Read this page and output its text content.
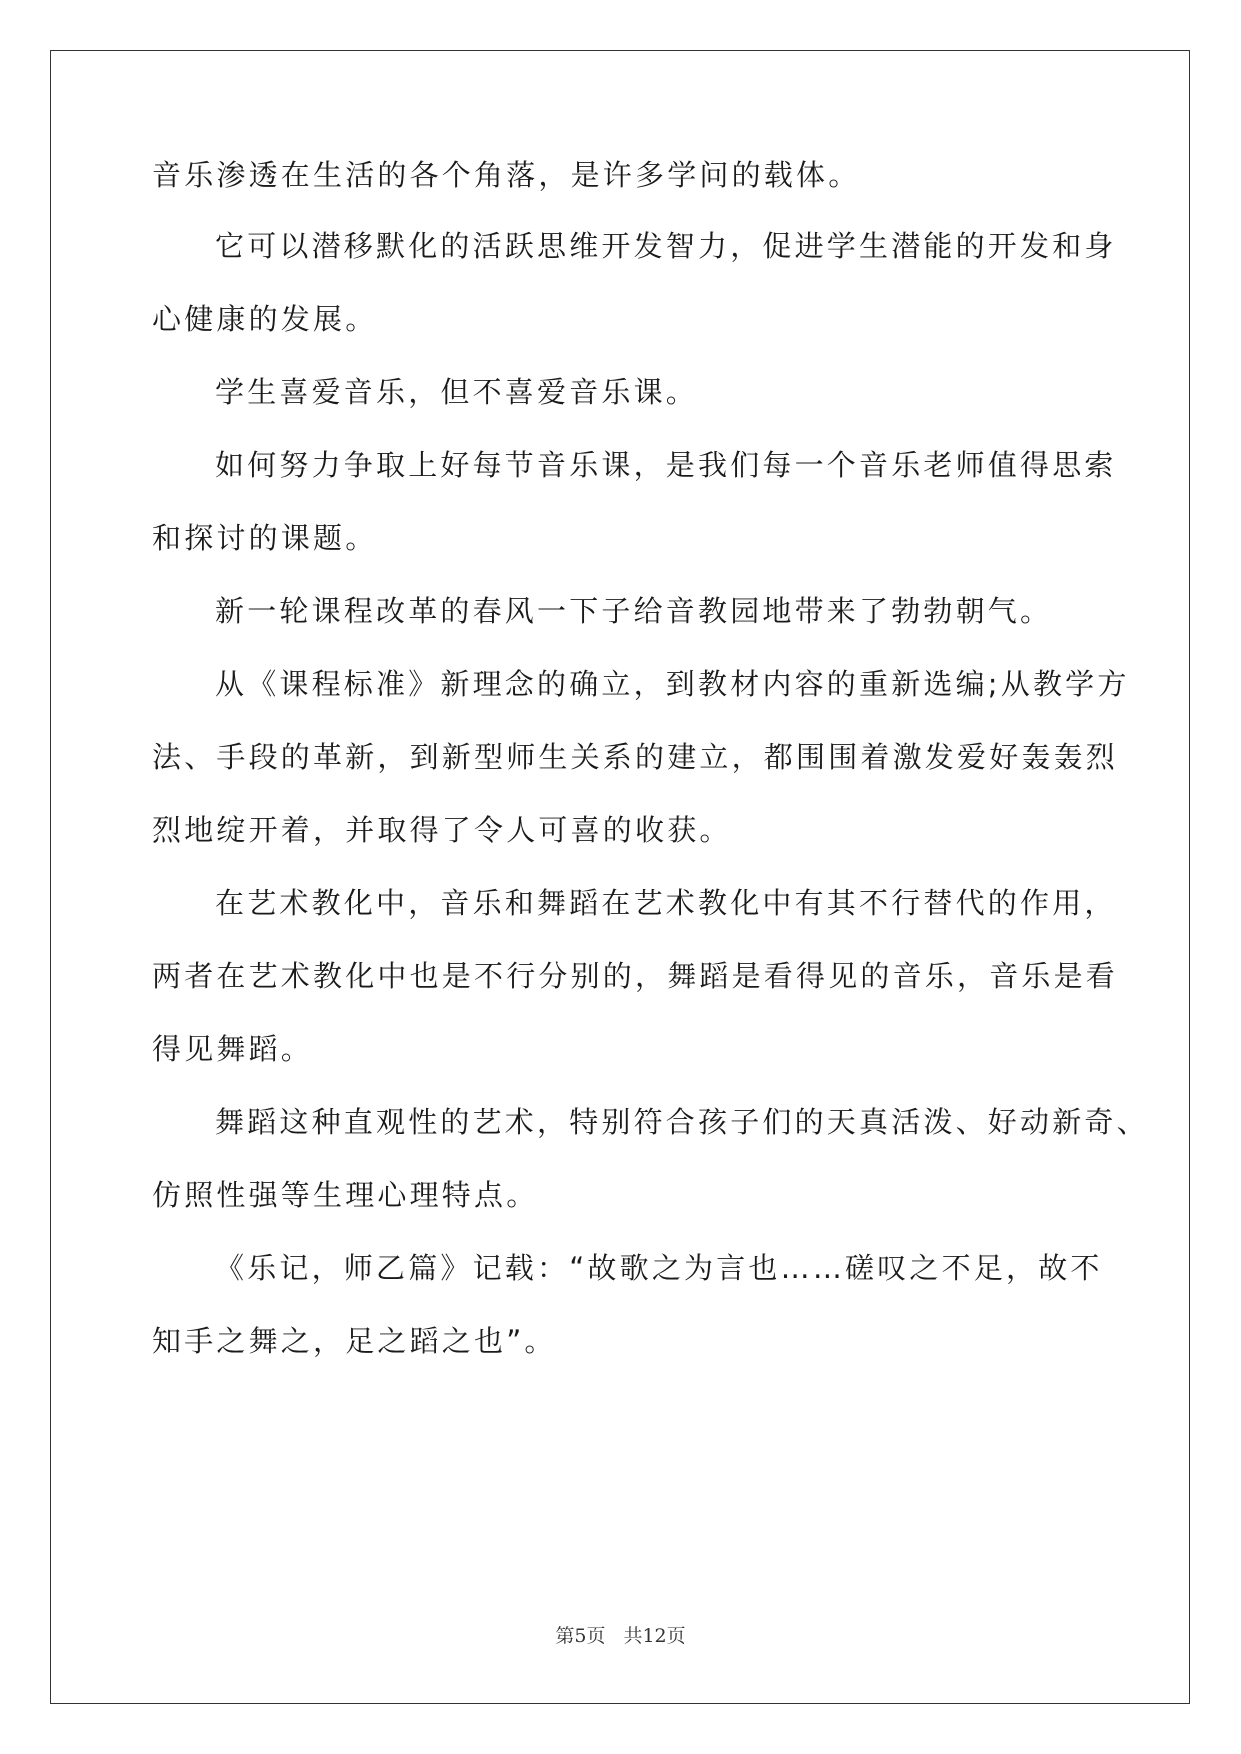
音乐渗透在生活的各个角落，是许多学问的载体。
它可以潜移默化的活跃思维开发智力，促进学生潜能的开发和身
心健康的发展。
学生喜爱音乐，但不喜爱音乐课。
如何努力争取上好每节音乐课，是我们每一个音乐老师值得思索
和探讨的课题。
新一轮课程改革的春风一下子给音教园地带来了勃勃朝气。
从《课程标准》新理念的确立，到教材内容的重新选编;从教学方
法、手段的革新，到新型师生关系的建立，都围围着激发爱好轰轰烈
烈地绽开着，并取得了令人可喜的收获。
在艺术教化中，音乐和舞蹈在艺术教化中有其不行替代的作用，
两者在艺术教化中也是不行分别的，舞蹈是看得见的音乐，音乐是看
得见舞蹈。
舞蹈这种直观性的艺术，特别符合孩子们的天真活泼、好动新奇、
仿照性强等生理心理特点。
《乐记，师乙篇》记载：“故歌之为言也……磋叹之不足，故不
知手之舞之，足之蹈之也”。
第5页 共12页
